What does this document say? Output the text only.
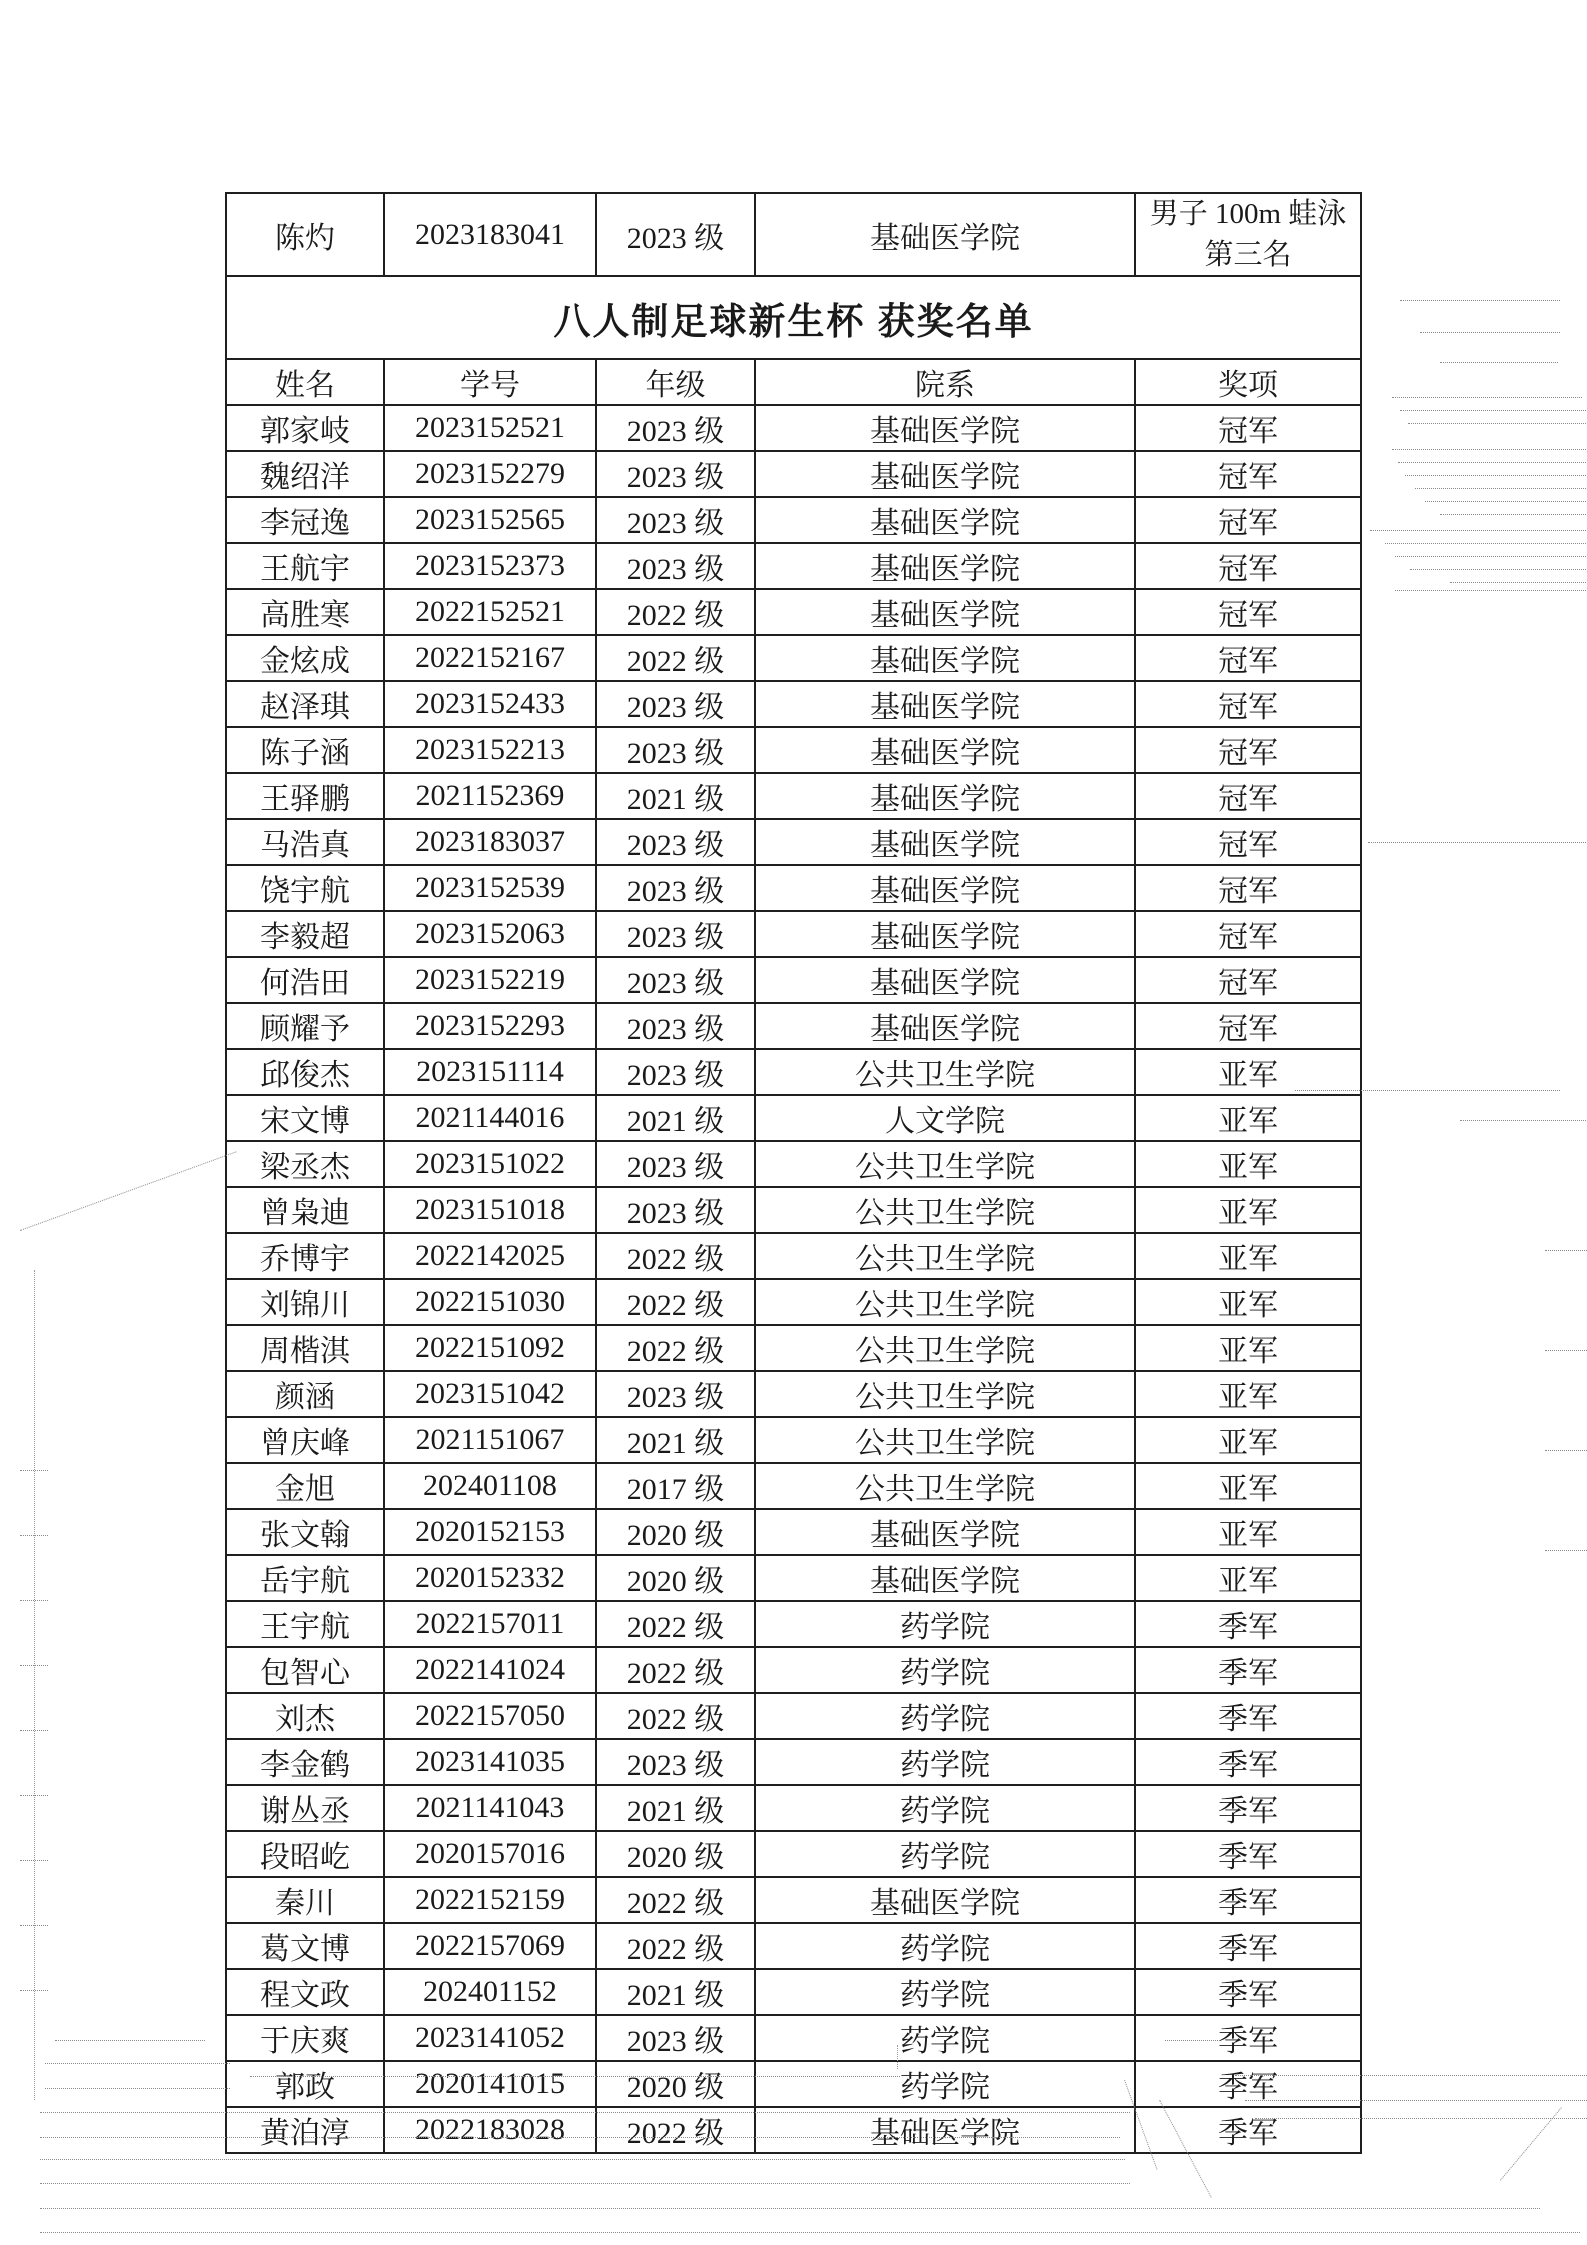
陈灼	2023183041	2023 级	基础医学院	男子 100m 蛙泳 第三名
八人制足球新生杯 获奖名单				
姓名	学号	年级	院系	奖项
郭家岐	2023152521	2023 级	基础医学院	冠军
魏绍洋	2023152279	2023 级	基础医学院	冠军
李冠逸	2023152565	2023 级	基础医学院	冠军
王航宇	2023152373	2023 级	基础医学院	冠军
高胜寒	2022152521	2022 级	基础医学院	冠军
金炫成	2022152167	2022 级	基础医学院	冠军
赵泽琪	2023152433	2023 级	基础医学院	冠军
陈子涵	2023152213	2023 级	基础医学院	冠军
王驿鹏	2021152369	2021 级	基础医学院	冠军
马浩真	2023183037	2023 级	基础医学院	冠军
饶宇航	2023152539	2023 级	基础医学院	冠军
李毅超	2023152063	2023 级	基础医学院	冠军
何浩田	2023152219	2023 级	基础医学院	冠军
顾耀予	2023152293	2023 级	基础医学院	冠军
邱俊杰	2023151114	2023 级	公共卫生学院	亚军
宋文博	2021144016	2021 级	人文学院	亚军
梁丞杰	2023151022	2023 级	公共卫生学院	亚军
曾枭迪	2023151018	2023 级	公共卫生学院	亚军
乔博宇	2022142025	2022 级	公共卫生学院	亚军
刘锦川	2022151030	2022 级	公共卫生学院	亚军
周楷淇	2022151092	2022 级	公共卫生学院	亚军
颜涵	2023151042	2023 级	公共卫生学院	亚军
曾庆峰	2021151067	2021 级	公共卫生学院	亚军
金旭	202401108	2017 级	公共卫生学院	亚军
张文翰	2020152153	2020 级	基础医学院	亚军
岳宇航	2020152332	2020 级	基础医学院	亚军
王宇航	2022157011	2022 级	药学院	季军
包智心	2022141024	2022 级	药学院	季军
刘杰	2022157050	2022 级	药学院	季军
李金鹤	2023141035	2023 级	药学院	季军
谢丛丞	2021141043	2021 级	药学院	季军
段昭屹	2020157016	2020 级	药学院	季军
秦川	2022152159	2022 级	基础医学院	季军
葛文博	2022157069	2022 级	药学院	季军
程文政	202401152	2021 级	药学院	季军
于庆爽	2023141052	2023 级	药学院	季军
郭政	2020141015	2020 级	药学院	季军
黄泊淳	2022183028	2022 级	基础医学院	季军
